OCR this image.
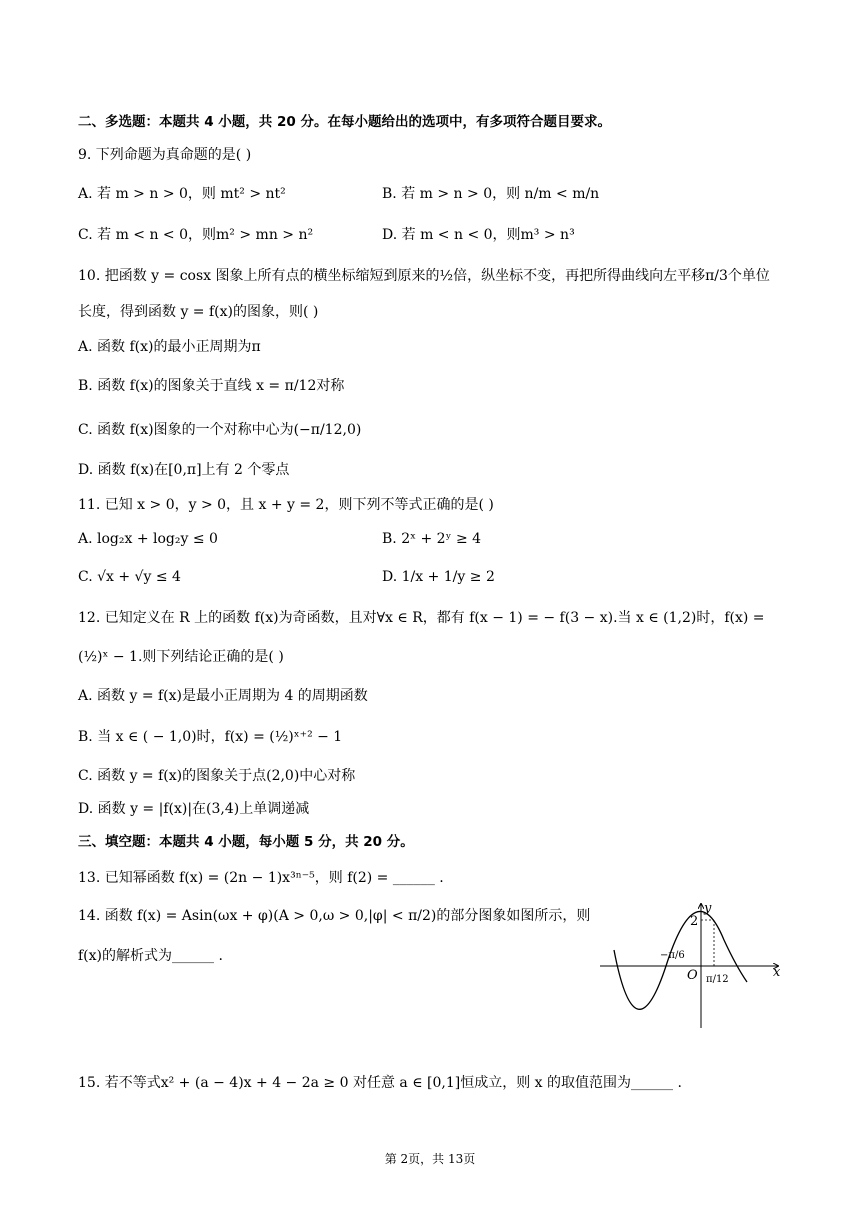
二、多选题：本题共 4 小题，共 20 分。在每小题给出的选项中，有多项符合题目要求。
9. 下列命题为真命题的是( )
A. 若 m > n > 0，则 mt² > nt²	B. 若 m > n > 0，则 n/m < m/n
C. 若 m < n < 0，则m² > mn > n²	D. 若 m < n < 0，则m³ > n³
10. 把函数 y = cosx 图象上所有点的横坐标缩短到原来的½倍，纵坐标不变，再把所得曲线向左平移π/3个单位
长度，得到函数 y = f(x)的图象，则( )
A. 函数 f(x)的最小正周期为π
B. 函数 f(x)的图象关于直线 x = π/12对称
C. 函数 f(x)图象的一个对称中心为(−π/12,0)
D. 函数 f(x)在[0,π]上有 2 个零点
11. 已知 x > 0，y > 0，且 x + y = 2，则下列不等式正确的是( )
A. log₂x + log₂y ≤ 0	B. 2ˣ + 2ʸ ≥ 4
C. √x + √y ≤ 4	D. 1/x + 1/y ≥ 2
12. 已知定义在 R 上的函数 f(x)为奇函数，且对∀x ∈ R，都有 f(x − 1) = − f(3 − x).当 x ∈ (1,2)时，f(x) =
(½)ˣ − 1.则下列结论正确的是( )
A. 函数 y = f(x)是最小正周期为 4 的周期函数
B. 当 x ∈ ( − 1,0)时，f(x) = (½)ˣ⁺² − 1
C. 函数 y = f(x)的图象关于点(2,0)中心对称
D. 函数 y = |f(x)|在(3,4)上单调递减
三、填空题：本题共 4 小题，每小题 5 分，共 20 分。
13. 已知幂函数 f(x) = (2n − 1)x³ⁿ⁻⁵，则 f(2) = ______ .
14. 函数 f(x) = Asin(ωx + φ)(A > 0,ω > 0,|φ| < π/2)的部分图象如图所示，则
f(x)的解析式为______ .
y
x
O
2
−π/6
π/12
15. 若不等式x² + (a − 4)x + 4 − 2a ≥ 0 对任意 a ∈ [0,1]恒成立，则 x 的取值范围为______ .
第 2页，共 13页
